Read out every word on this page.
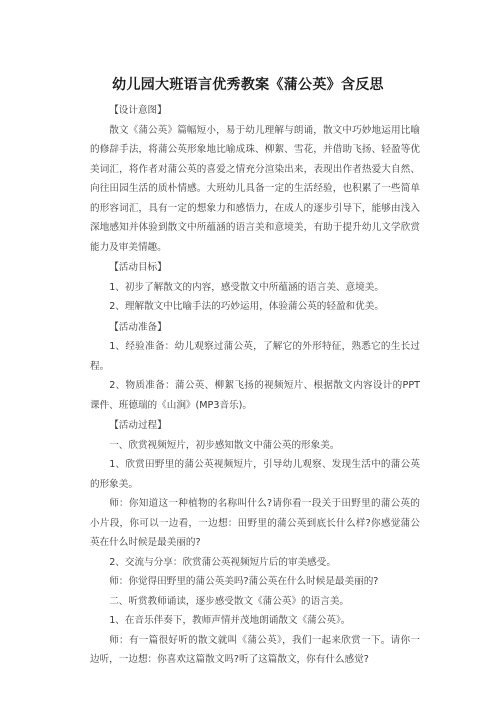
幼儿园大班语言优秀教案《蒲公英》含反思

【设计意图】

散文《蒲公英》篇幅短小，易于幼儿理解与朗诵，散文中巧妙地运用比喻的修辞手法，将蒲公英形象地比喻成珠、柳絮、雪花，并借助飞扬、轻盈等优美词汇，将作者对蒲公英的喜爱之情充分渲染出来，表现出作者热爱大自然、向往田园生活的质朴情感。大班幼儿具备一定的生活经验，也积累了一些简单的形容词汇，具有一定的想象力和感悟力，在成人的逐步引导下，能够由浅入深地感知并体验到散文中所蕴涵的语言美和意境美，有助于提升幼儿文学欣赏能力及审美情趣。

【活动目标】

1、初步了解散文的内容，感受散文中所蕴涵的语言美、意境美。

2、理解散文中比喻手法的巧妙运用，体验蒲公英的轻盈和优美。

【活动准备】

1、经验准备：幼儿观察过蒲公英，了解它的外形特征，熟悉它的生长过程。

2、物质准备：蒲公英、柳絮飞扬的视频短片、根据散文内容设计的PPT课件、班德瑞的《山涧》(MP3音乐)。

【活动过程】

一、欣赏视频短片，初步感知散文中蒲公英的形象美。

1、欣赏田野里的蒲公英视频短片，引导幼儿观察、发现生活中的蒲公英的形象美。

师：你知道这一种植物的名称叫什么?请你看一段关于田野里的蒲公英的小片段，你可以一边看，一边想：田野里的蒲公英到底长什么样?你感觉蒲公英在什么时候是最美丽的?

2、交流与分享：欣赏蒲公英视频短片后的审美感受。

师：你觉得田野里的蒲公英美吗?蒲公英在什么时候是最美丽的?

二、听赏教师诵读，逐步感受散文《蒲公英》的语言美。

1、在音乐伴奏下，教师声情并茂地朗诵散文《蒲公英》。

师：有一篇很好听的散文就叫《蒲公英》，我们一起来欣赏一下。请你一边听，一边想：你喜欢这篇散文吗?听了这篇散文，你有什么感觉?
